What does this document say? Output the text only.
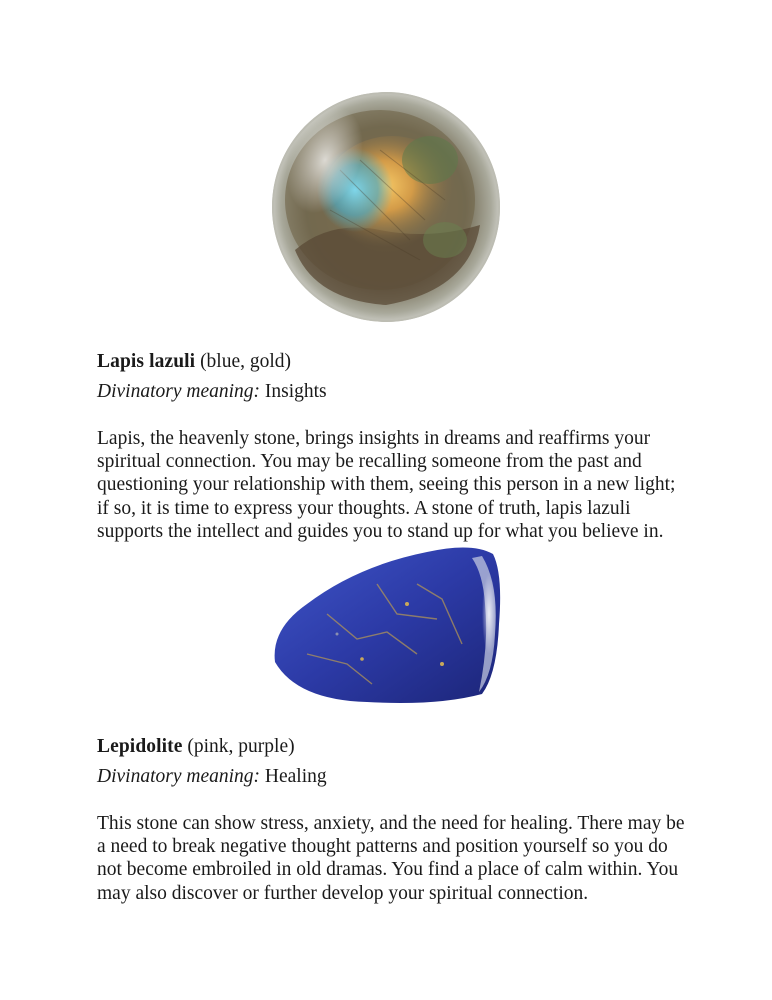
Lapis lazuli (blue, gold)

Divinatory meaning: Insights

Lapis, the heavenly stone, brings insights in dreams and reaffirms your spiritual connection. You may be recalling someone from the past and questioning your relationship with them, seeing this person in a new light; if so, it is time to express your thoughts. A stone of truth, lapis lazuli supports the intellect and guides you to stand up for what you believe in.

Lepidolite (pink, purple)

Divinatory meaning: Healing

This stone can show stress, anxiety, and the need for healing. There may be a need to break negative thought patterns and position yourself so you do not become embroiled in old dramas. You find a place of calm within. You may also discover or further develop your spiritual connection.
